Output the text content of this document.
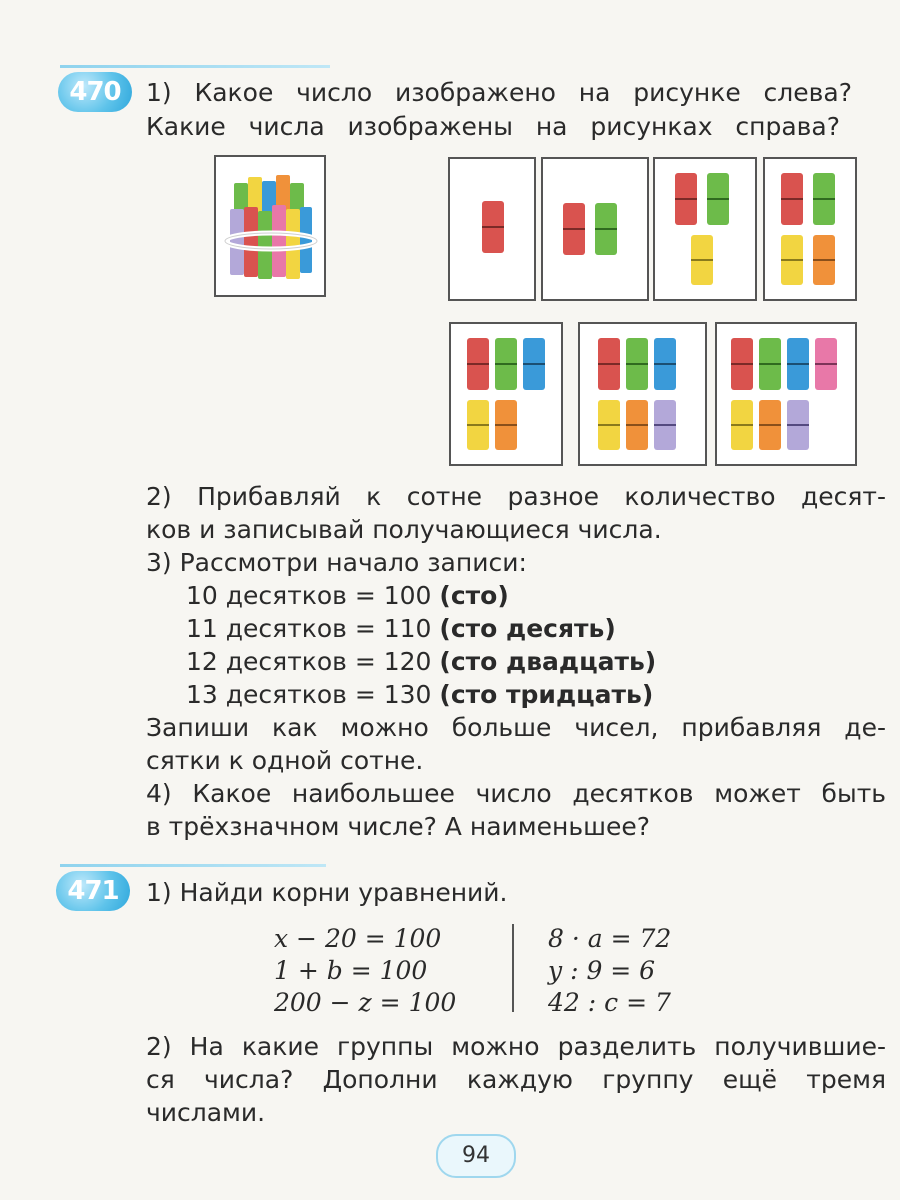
470	1) Какое число изображено на рисунке слева?
Какие числа изображены на рисунках справа?
2) Прибавляй к сотне разное количество десят-
ков и записывай получающиеся числа.
3) Рассмотри начало записи:
10 десятков = 100 (сто)
11 десятков = 110 (сто десять)
12 десятков = 120 (сто двадцать)
13 десятков = 130 (сто тридцать)
Запиши как можно больше чисел, прибавляя де-
сятки к одной сотне.
4) Какое наибольшее число десятков может быть
в трёхзначном числе? А наименьшее?
471	1) Найди корни уравнений.
x − 20 = 100
1 + b = 100
200 − z = 100
8 · a = 72
y : 9 = 6
42 : c = 7
2) На какие группы можно разделить получившие-
ся числа? Дополни каждую группу ещё тремя
числами.
94
